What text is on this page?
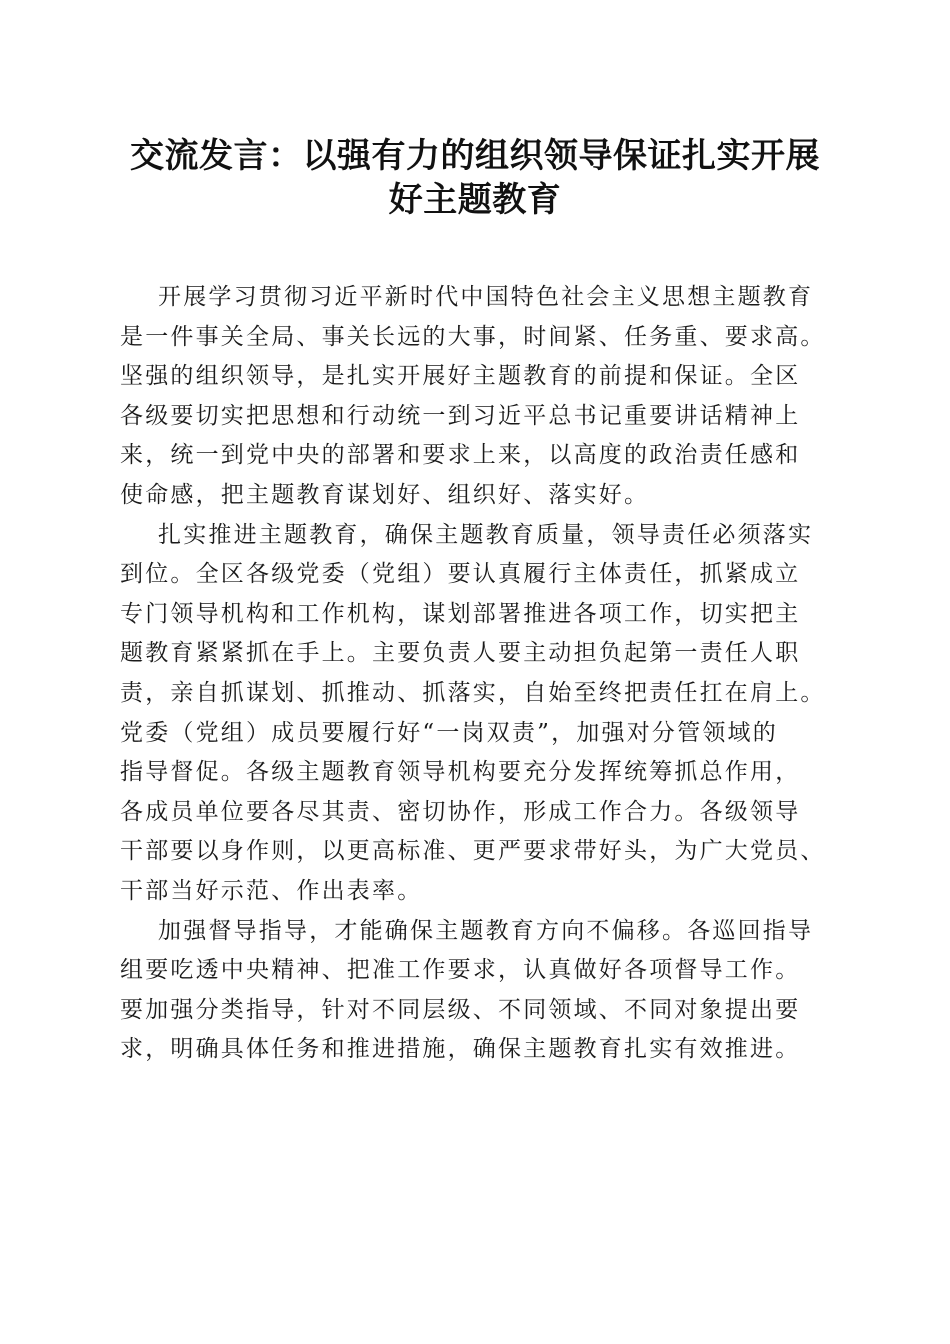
交流发言：以强有力的组织领导保证扎实开展
好主题教育

开展学习贯彻习近平新时代中国特色社会主义思想主题教育
是一件事关全局、事关长远的大事，时间紧、任务重、要求高。
坚强的组织领导，是扎实开展好主题教育的前提和保证。全区
各级要切实把思想和行动统一到习近平总书记重要讲话精神上
来，统一到党中央的部署和要求上来，以高度的政治责任感和
使命感，把主题教育谋划好、组织好、落实好。

扎实推进主题教育，确保主题教育质量，领导责任必须落实
到位。全区各级党委（党组）要认真履行主体责任，抓紧成立
专门领导机构和工作机构，谋划部署推进各项工作，切实把主
题教育紧紧抓在手上。主要负责人要主动担负起第一责任人职
责，亲自抓谋划、抓推动、抓落实，自始至终把责任扛在肩上。
党委（党组）成员要履行好“一岗双责”，加强对分管领域的
指导督促。各级主题教育领导机构要充分发挥统筹抓总作用，
各成员单位要各尽其责、密切协作，形成工作合力。各级领导
干部要以身作则，以更高标准、更严要求带好头，为广大党员、
干部当好示范、作出表率。

加强督导指导，才能确保主题教育方向不偏移。各巡回指导
组要吃透中央精神、把准工作要求，认真做好各项督导工作。
要加强分类指导，针对不同层级、不同领域、不同对象提出要
求，明确具体任务和推进措施，确保主题教育扎实有效推进。
